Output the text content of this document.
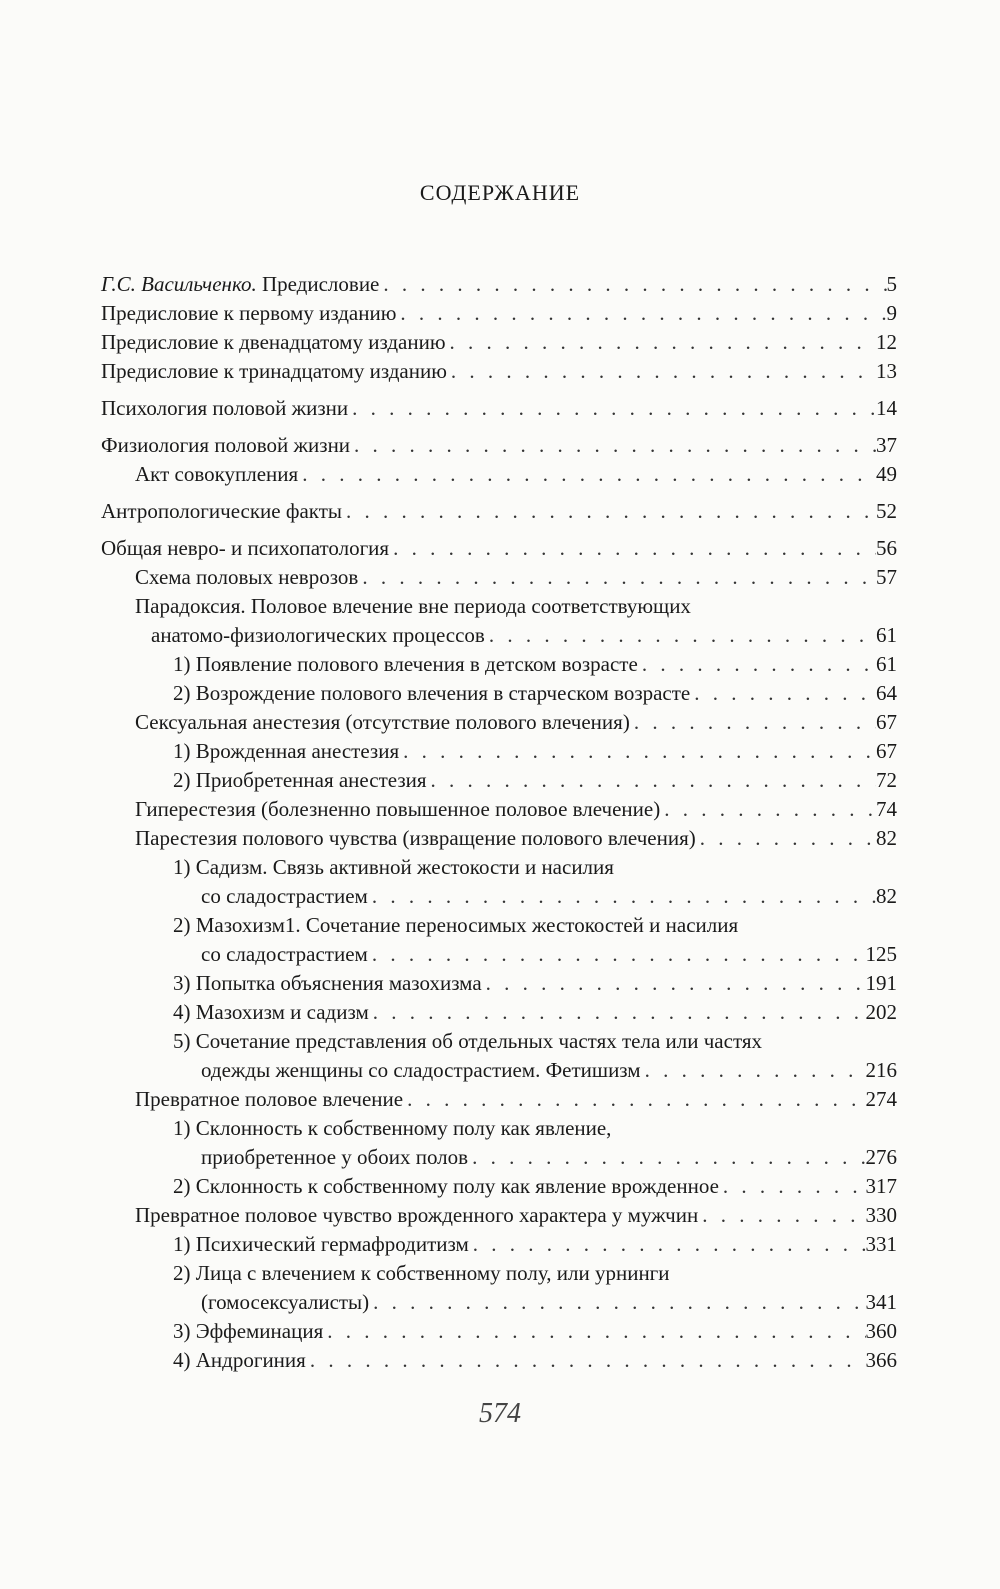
СОДЕРЖАНИЕ
Г.С. Васильченко. Предисловие . . .	5
Предисловие к первому изданию . . .	9
Предисловие к двенадцатому изданию . . .	12
Предисловие к тринадцатому изданию . . .	13
Психология половой жизни . . .	14
Физиология половой жизни . . .	37
Акт совокупления . . .	49
Антропологические факты . . .	52
Общая невро- и психопатология . . .	56
Схема половых неврозов . . .	57
Парадоксия. Половое влечение вне периода соответствующих
анатомо-физиологических процессов . . .	61
1) Появление полового влечения в детском возрасте . . .	61
2) Возрождение полового влечения в старческом возрасте . . .	64
Сексуальная анестезия (отсутствие полового влечения) . . .	67
1) Врожденная анестезия . . .	67
2) Приобретенная анестезия . . .	72
Гиперестезия (болезненно повышенное половое влечение) . . .	74
Парестезия полового чувства (извращение полового влечения) . . .	82
1) Садизм. Связь активной жестокости и насилия
со сладострастием . . .	82
2) Мазохизм1. Сочетание переносимых жестокостей и насилия
со сладострастием . . .	125
3) Попытка объяснения мазохизма . . .	191
4) Мазохизм и садизм . . .	202
5) Сочетание представления об отдельных частях тела или частях
одежды женщины со сладострастием. Фетишизм . . .	216
Превратное половое влечение . . .	274
1) Склонность к собственному полу как явление,
приобретенное у обоих полов . . .	276
2) Склонность к собственному полу как явление врожденное . . .	317
Превратное половое чувство врожденного характера у мужчин . . .	330
1) Психический гермафродитизм . . .	331
2) Лица с влечением к собственному полу, или урнинги
(гомосексуалисты) . . .	341
3) Эффеминация . . .	360
4) Андрогиния . . .	366
574
